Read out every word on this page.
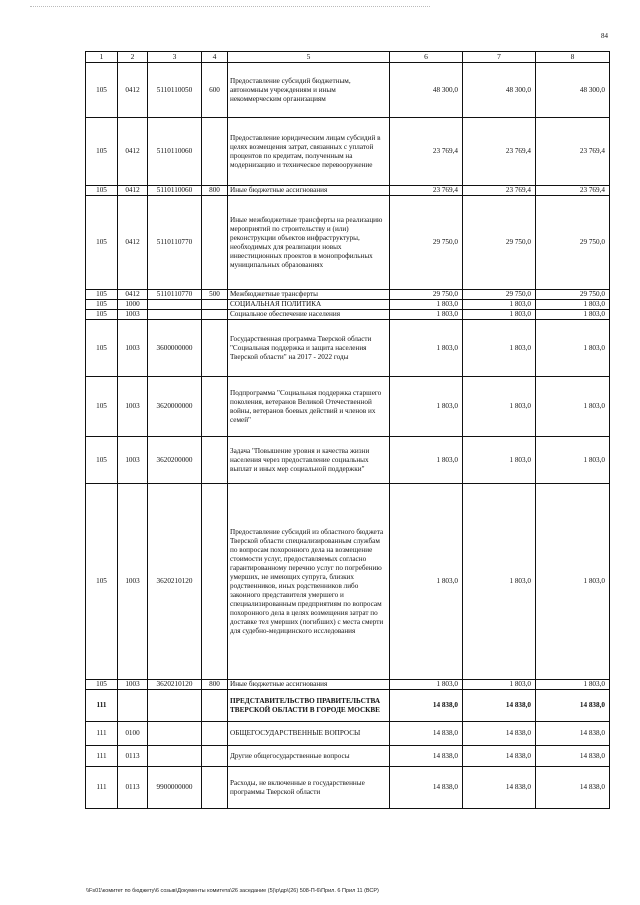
84
1	2	3	4	5	6	7	8
105	0412	5110110050	600	Предоставление субсидий бюджетным, автономным учреждениям и иным некоммерческим организациям	48 300,0	48 300,0	48 300,0
105	0412	5110110060		Предоставление юридическим лицам субсидий в целях возмещения затрат, связанных с уплатой процентов по кредитам, полученным на модернизацию и техническое перевооружение	23 769,4	23 769,4	23 769,4
105	0412	5110110060	800	Иные бюджетные ассигнования	23 769,4	23 769,4	23 769,4
105	0412	5110110770		Иные межбюджетные трансферты на реализацию мероприятий по строительству и (или) реконструкции объектов инфраструктуры, необходимых для реализации новых инвестиционных проектов в монопрофильных муниципальных образованиях	29 750,0	29 750,0	29 750,0
105	0412	5110110770	500	Межбюджетные трансферты	29 750,0	29 750,0	29 750,0
105	1000			СОЦИАЛЬНАЯ ПОЛИТИКА	1 803,0	1 803,0	1 803,0
105	1003			Социальное обеспечение населения	1 803,0	1 803,0	1 803,0
105	1003	3600000000		Государственная программа Тверской области "Социальная поддержка и защита населения Тверской области" на 2017 - 2022 годы	1 803,0	1 803,0	1 803,0
105	1003	3620000000		Подпрограмма "Социальная поддержка старшего поколения, ветеранов Великой Отечественной войны, ветеранов боевых действий и членов их семей"	1 803,0	1 803,0	1 803,0
105	1003	3620200000		Задача "Повышение уровня и качества жизни населения через предоставление социальных выплат и иных мер социальной поддержки"	1 803,0	1 803,0	1 803,0
105	1003	3620210120		Предоставление субсидий из областного бюджета Тверской области специализированным службам по вопросам похоронного дела на возмещение стоимости услуг, предоставляемых согласно гарантированному перечню услуг по погребению умерших, не имеющих супруга, близких родственников, иных родственников либо законного представителя умершего и специализированным предприятиям по вопросам похоронного дела в целях возмещения затрат по доставке тел умерших (погибших) с места смерти для судебно-медицинского исследования	1 803,0	1 803,0	1 803,0
105	1003	3620210120	800	Иные бюджетные ассигнования	1 803,0	1 803,0	1 803,0
111				ПРЕДСТАВИТЕЛЬСТВО ПРАВИТЕЛЬСТВА ТВЕРСКОЙ ОБЛАСТИ В ГОРОДЕ МОСКВЕ	14 838,0	14 838,0	14 838,0
111	0100			ОБЩЕГОСУДАРСТВЕННЫЕ ВОПРОСЫ	14 838,0	14 838,0	14 838,0
111	0113			Другие общегосударственные вопросы	14 838,0	14 838,0	14 838,0
111	0113	9900000000		Расходы, не включенные в государственные программы Тверской области	14 838,0	14 838,0	14 838,0
\\Fs01\комитет по бюджету\6 созыв\Документы комитета\26 заседание (5)\р\др\(26) 508-П-6\Прил. 6 Прил 11 (ВСР)
